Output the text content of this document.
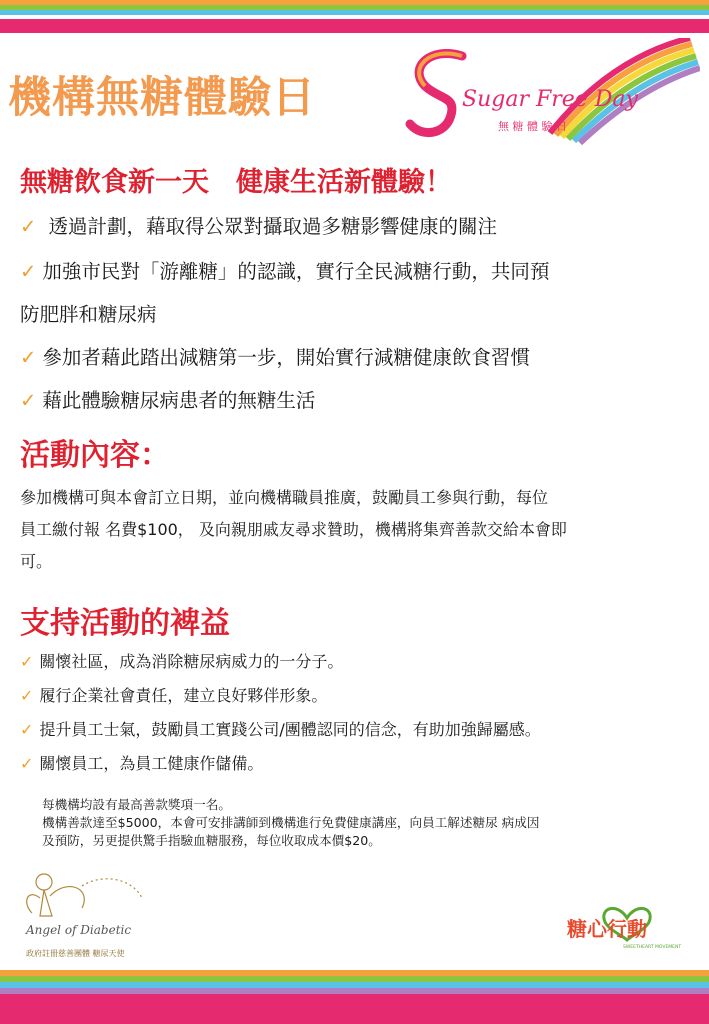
機構無糖體驗日	Sugar Free Day
無 糖 體 驗 日
無糖飲食新一天　健康生活新體驗！
✓ 透過計劃，藉取得公眾對攝取過多糖影響健康的關注
✓ 加強市民對「游離糖」的認識，實行全民減糖行動，共同預
防肥胖和糖尿病
✓ 參加者藉此踏出減糖第一步，開始實行減糖健康飲食習慣
✓ 藉此體驗糖尿病患者的無糖生活
活動內容：
參加機構可與本會訂立日期，並向機構職員推廣，鼓勵員工參與行動，每位
員工繳付報 名費$100， 及向親朋戚友尋求贊助，機構將集齊善款交給本會即
可。
支持活動的裨益
✓ 關懷社區，成為消除糖尿病威力的一分子。
✓ 履行企業社會責任，建立良好夥伴形象。
✓ 提升員工士氣，鼓勵員工實踐公司/團體認同的信念，有助加強歸屬感。
✓ 關懷員工，為員工健康作儲備。
每機構均設有最高善款獎項一名。
機構善款達至$5000，本會可安排講師到機構進行免費健康講座，向員工解述糖尿 病成因
及預防，另更提供驚手指驗血糖服務，每位收取成本價$20。
Angel of Diabetic
政府註冊慈善團體 糖尿天使
糖心行動
SWEETHEART MOVEMENT
